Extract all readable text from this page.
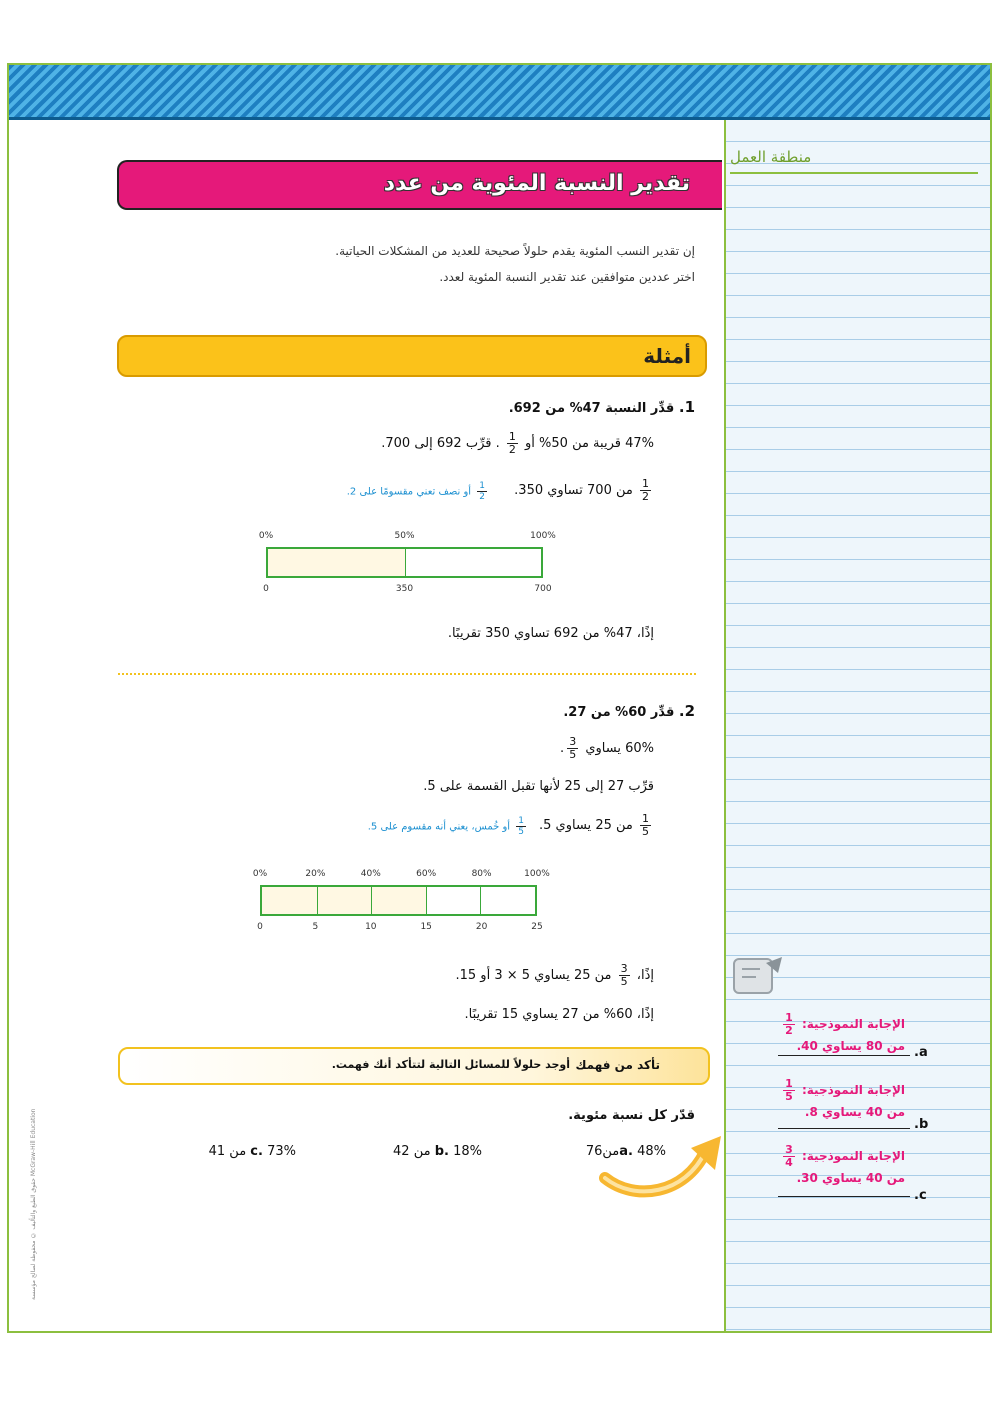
منطقة العمل
حقوق الطبع والتأليف © محفوظة لصالح مؤسسة McGraw-Hill Education
تقدير النسبة المئوية من عدد
إن تقدير النسب المئوية يقدم حلولاً صحيحة للعديد من المشكلات الحياتية.
اختر عددين متوافقين عند تقدير النسبة المئوية لعدد.
أمثلة
1. قدِّر النسبة 47% من 692.
47% قريبة من 50% أو
$\frac{1}{2}$
. قرِّب 692 إلى 700.
$\frac{1}{2}$
من 700 تساوي 350.
$\frac{1}{2}$
أو نصف تعني مقسومًا على 2.
0%	50%	100%
0	350	700
إذًا، 47% من 692 تساوي 350 تقريبًا.
2. قدِّر 60% من 27.
60% يساوي
$\frac{3}{5}$
.
قرِّب 27 إلى 25 لأنها تقبل القسمة على 5.
$\frac{1}{5}$
من 25 يساوي 5.
$\frac{1}{5}$
أو خُمس، يعني أنه مقسوم على 5.
0%	20%	40%	60%	80%	100%
0	5	10	15	20	25
إذًا،
$\frac{3}{5}$
من 25 يساوي 5 × 3 أو 15.
إذًا، 60% من 27 يساوي 15 تقريبًا.
تأكد من فهمك
أوجد حلولاً للمسائل التالية لتتأكد أنك فهمت.
قدّر كل نسبة مئوية.
a. 48%من76
b. 18% من 42
c. 73% من 41
الإجابة النموذجية:
$\frac{1}{2}$
من 80 يساوي 40. a.
الإجابة النموذجية:
$\frac{1}{5}$
من 40 يساوي 8.
b.
الإجابة النموذجية:
$\frac{3}{4}$
من 40 يساوي 30.
c.
